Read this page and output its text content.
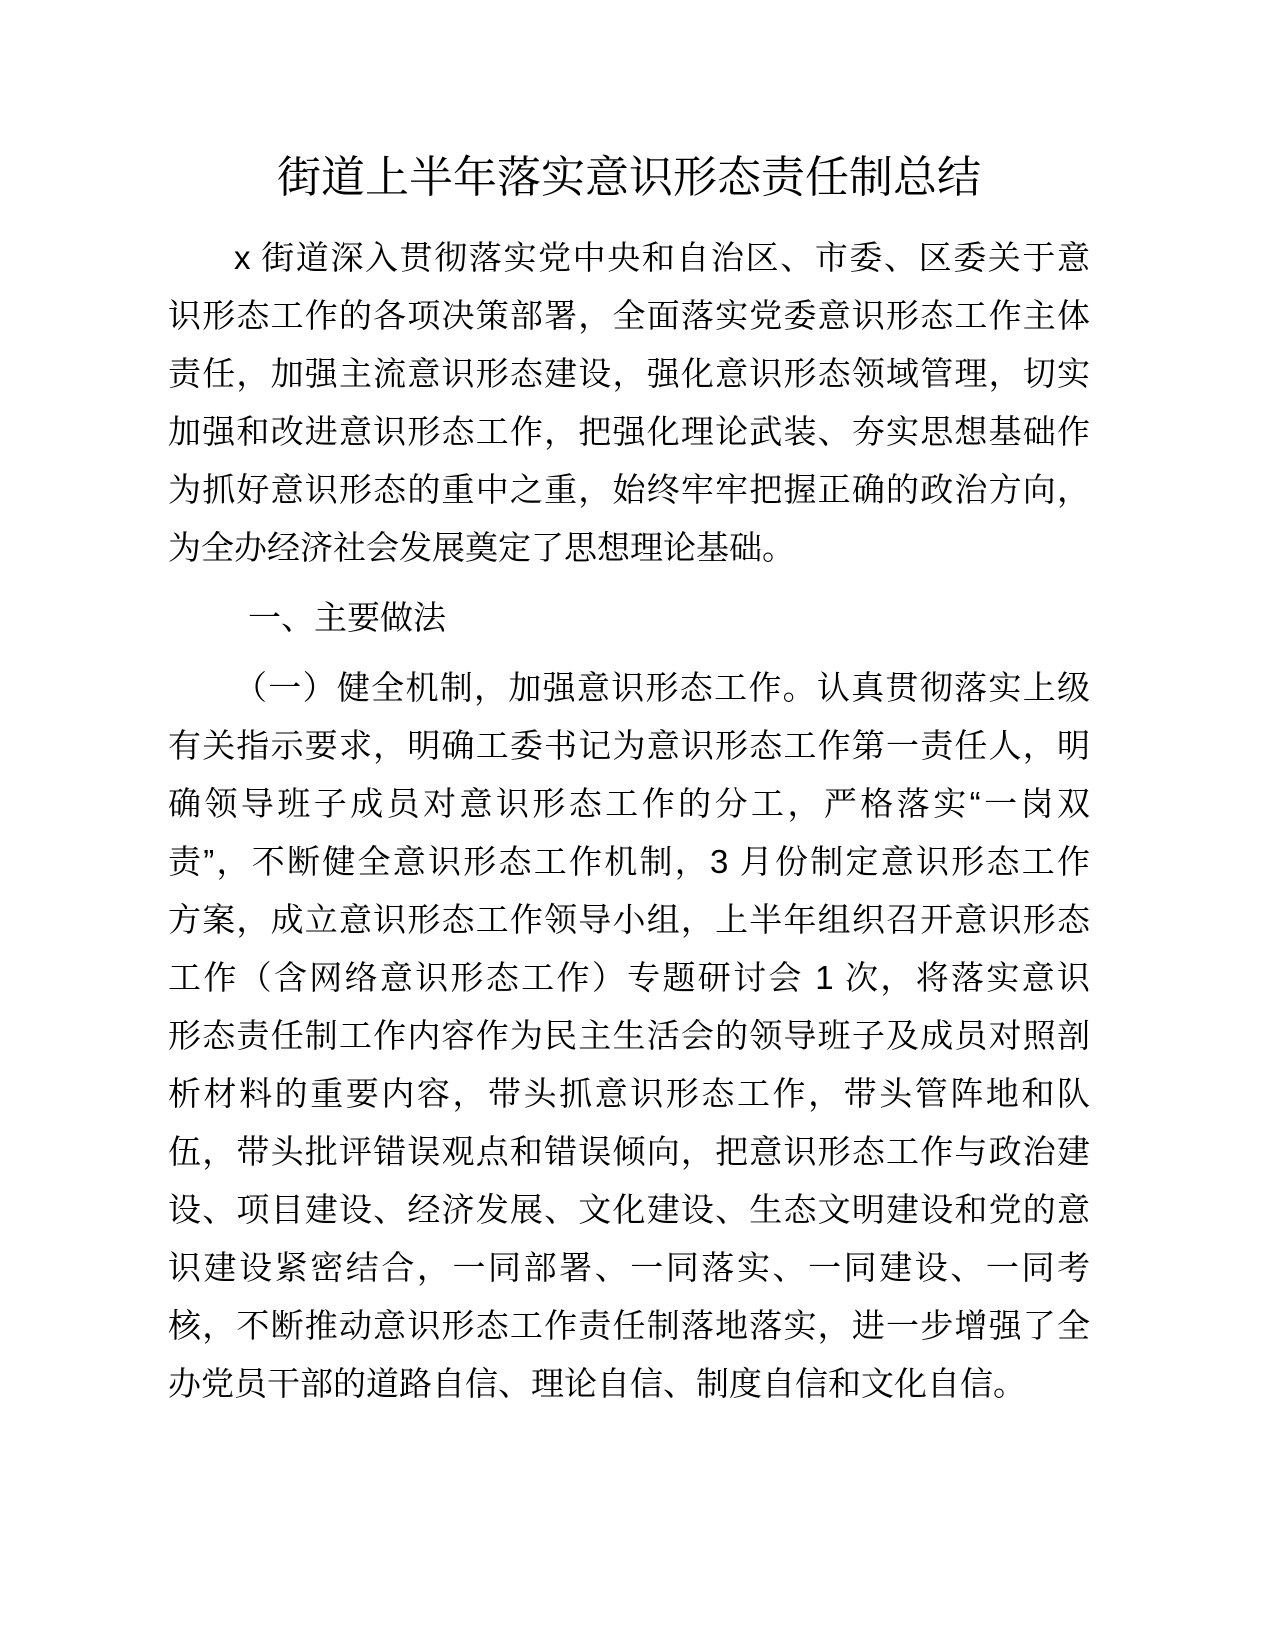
街道上半年落实意识形态责任制总结
x 街道深入贯彻落实党中央和自治区、市委、区委关于意
识形态工作的各项决策部署，全面落实党委意识形态工作主体
责任，加强主流意识形态建设，强化意识形态领域管理，切实
加强和改进意识形态工作，把强化理论武装、夯实思想基础作
为抓好意识形态的重中之重，始终牢牢把握正确的政治方向，
为全办经济社会发展奠定了思想理论基础。
一、主要做法
（一）健全机制，加强意识形态工作。认真贯彻落实上级
有关指示要求，明确工委书记为意识形态工作第一责任人，明
确领导班子成员对意识形态工作的分工，严格落实“一岗双
责”，不断健全意识形态工作机制，3 月份制定意识形态工作
方案，成立意识形态工作领导小组，上半年组织召开意识形态
工作（含网络意识形态工作）专题研讨会 1 次，将落实意识
形态责任制工作内容作为民主生活会的领导班子及成员对照剖
析材料的重要内容，带头抓意识形态工作，带头管阵地和队
伍，带头批评错误观点和错误倾向，把意识形态工作与政治建
设、项目建设、经济发展、文化建设、生态文明建设和党的意
识建设紧密结合，一同部署、一同落实、一同建设、一同考
核，不断推动意识形态工作责任制落地落实，进一步增强了全
办党员干部的道路自信、理论自信、制度自信和文化自信。
